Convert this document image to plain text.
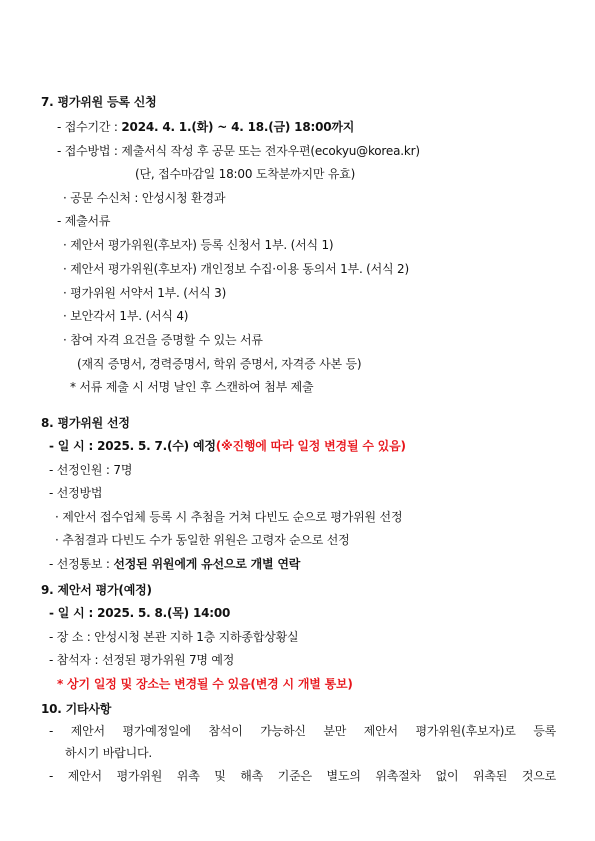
7. 평가위원 등록 신청
- 접수기간 : 2024. 4. 1.(화) ~ 4. 18.(금) 18:00까지
- 접수방법 : 제출서식 작성 후 공문 또는 전자우편(ecokyu@korea.kr)
(단, 접수마감일 18:00 도착분까지만 유효)
· 공문 수신처 : 안성시청 환경과
- 제출서류
· 제안서 평가위원(후보자) 등록 신청서 1부. (서식 1)
· 제안서 평가위원(후보자) 개인정보 수집·이용 동의서 1부. (서식 2)
· 평가위원 서약서 1부. (서식 3)
· 보안각서 1부. (서식 4)
· 참여 자격 요건을 증명할 수 있는 서류
(재직 증명서, 경력증명서, 학위 증명서, 자격증 사본 등)
* 서류 제출 시 서명 날인 후 스캔하여 첨부 제출
8. 평가위원 선정
- 일 시 : 2025. 5. 7.(수) 예정(※진행에 따라 일정 변경될 수 있음)
- 선정인원 : 7명
- 선정방법
· 제안서 접수업체 등록 시 추첨을 거쳐 다빈도 순으로 평가위원 선정
· 추첨결과 다빈도 수가 동일한 위원은 고령자 순으로 선정
- 선정통보 : 선정된 위원에게 유선으로 개별 연락
9. 제안서 평가(예정)
- 일 시 : 2025. 5. 8.(목) 14:00
- 장 소 : 안성시청 본관 지하 1층 지하종합상황실
- 참석자 : 선정된 평가위원 7명 예정
* 상기 일정 및 장소는 변경될 수 있음(변경 시 개별 통보)
10. 기타사항
- 제안서 평가예정일에 참석이 가능하신 분만 제안서 평가위원(후보자)로 등록
하시기 바랍니다.
- 제안서 평가위원 위촉 및 해촉 기준은 별도의 위촉절차 없이 위촉된 것으로
